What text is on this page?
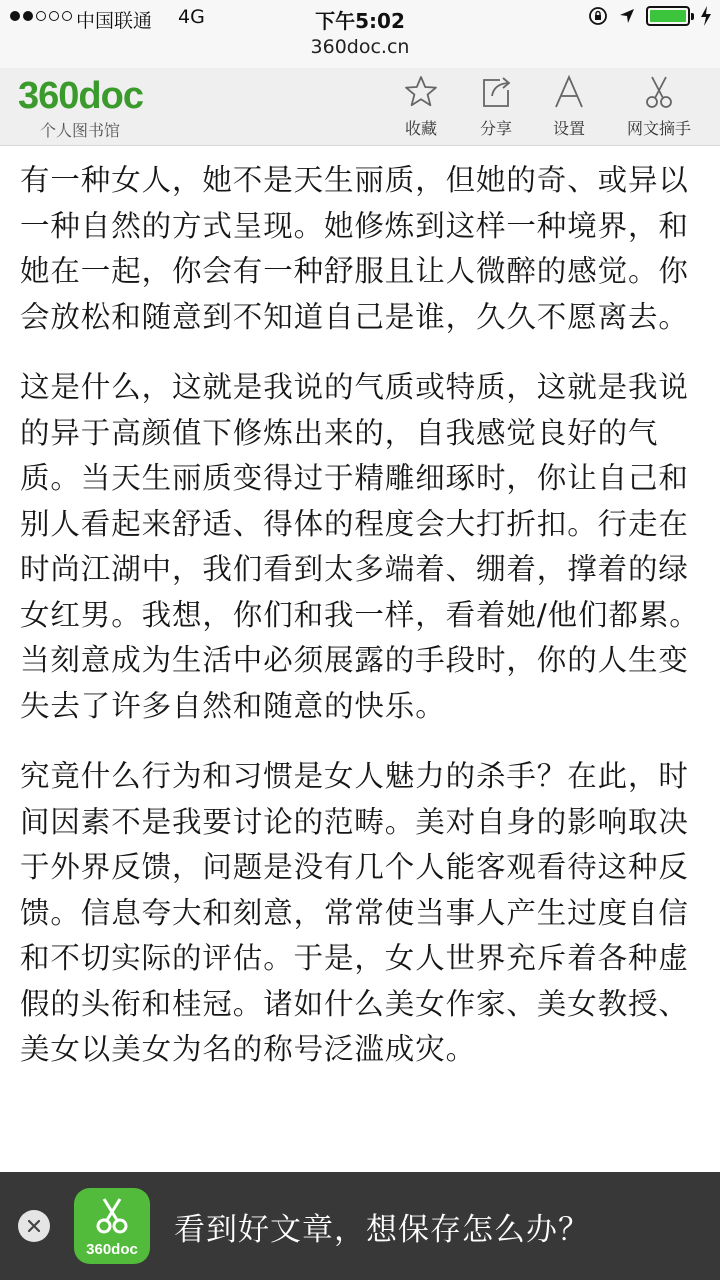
中国联通 4G	下午5:02
360doc.cn
360doc
个人图书馆	收藏	分享	设置	网文摘手

有一种女人，她不是天生丽质，但她的奇、或异以一种自然的方式呈现。她修炼到这样一种境界，和她在一起，你会有一种舒服且让人微醉的感觉。你会放松和随意到不知道自己是谁，久久不愿离去。

这是什么，这就是我说的气质或特质，这就是我说的异于高颜值下修炼出来的，自我感觉良好的气质。当天生丽质变得过于精雕细琢时，你让自己和别人看起来舒适、得体的程度会大打折扣。行走在时尚江湖中，我们看到太多端着、绷着，撑着的绿女红男。我想，你们和我一样，看着她/他们都累。当刻意成为生活中必须展露的手段时，你的人生变失去了许多自然和随意的快乐。

究竟什么行为和习惯是女人魅力的杀手？在此，时间因素不是我要讨论的范畴。美对自身的影响取决于外界反馈，问题是没有几个人能客观看待这种反馈。信息夸大和刻意，常常使当事人产生过度自信和不切实际的评估。于是，女人世界充斥着各种虚假的头衔和桂冠。诸如什么美女作家、美女教授、美女以美女为名的称号泛滥成灾。

360doc
看到好文章，想保存怎么办？
